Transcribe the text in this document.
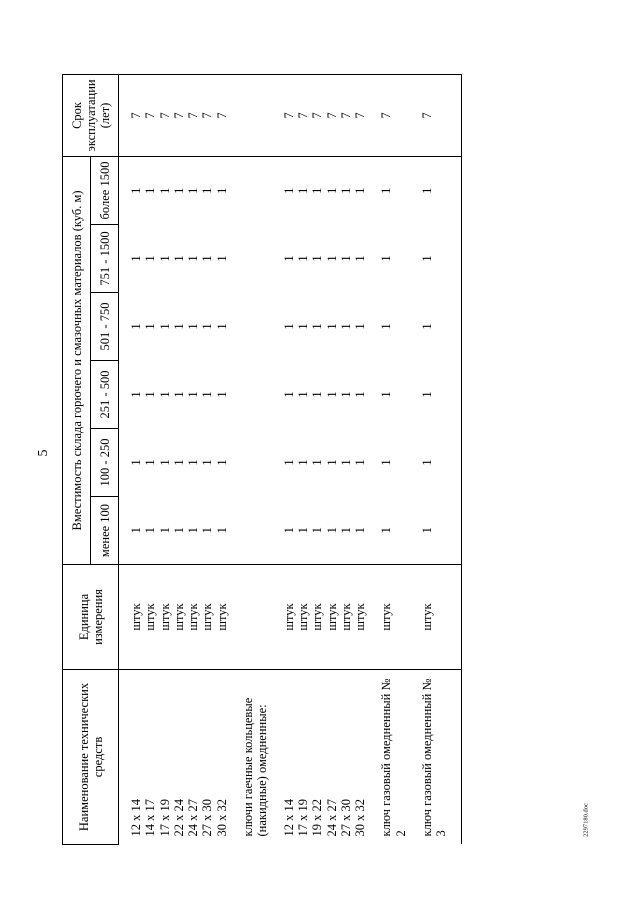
5
Наименование технических средств	Единица измерения	Вместимость склада горючего и смазочных материалов (куб. м)						Срок эксплуатации (лет)
		менее 100	100 - 250	251 - 500	501 - 750	751 - 1500	более 1500	
12 х 14	штук	1	1	1	1	1	1	7
14 х 17	штук	1	1	1	1	1	1	7
17 х 19	штук	1	1	1	1	1	1	7
22 х 24	штук	1	1	1	1	1	1	7
24 х 27	штук	1	1	1	1	1	1	7
27 х 30	штук	1	1	1	1	1	1	7
30 х 32	штук	1	1	1	1	1	1	7
ключи гаечные кольцевые (накидные) омедненные:								
12 х 14	штук	1	1	1	1	1	1	7
17 х 19	штук	1	1	1	1	1	1	7
19 х 22	штук	1	1	1	1	1	1	7
24 х 27	штук	1	1	1	1	1	1	7
27 х 30	штук	1	1	1	1	1	1	7
30 х 32	штук	1	1	1	1	1	1	7
ключ газовый омедненный № 2	штук	1	1	1	1	1	1	7
ключ газовый омедненный № 3	штук	1	1	1	1	1	1	7
2297180.doc
